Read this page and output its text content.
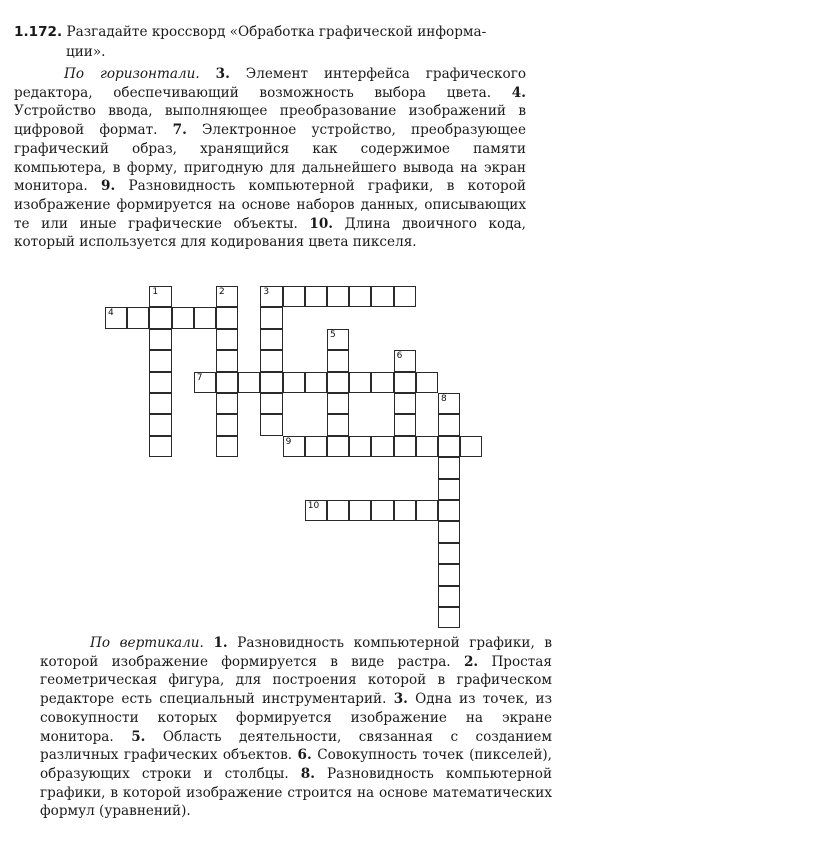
1.172. Разгадайте кроссворд «Обработка графической информа-
ции».
По горизонтали. 3. Элемент интерфейса графического редактора, обеспечивающий возможность выбора цвета. 4. Устройство ввода, выполняющее преобразование изображений в цифровой формат. 7. Электронное устройство, преобразующее графический образ, хранящийся как содержимое памяти компьютера, в форму, пригодную для дальнейшего вывода на экран монитора. 9. Разновидность компьютерной графики, в которой изображение формируется на основе наборов данных, описывающих те или иные графические объекты. 10. Длина двоичного кода, который используется для кодирования цвета пикселя.
1	2	3
4
5
6
7
8
9
10
По вертикали. 1. Разновидность компьютерной графики, в которой изображение формируется в виде растра. 2. Простая геометрическая фигура, для построения которой в графическом редакторе есть специальный инструментарий. 3. Одна из точек, из совокупности которых формируется изображение на экране монитора. 5. Область деятельности, связанная с созданием различных графических объектов. 6. Совокупность точек (пикселей), образующих строки и столбцы. 8. Разновидность компьютерной графики, в которой изображение строится на основе математических формул (уравнений).
